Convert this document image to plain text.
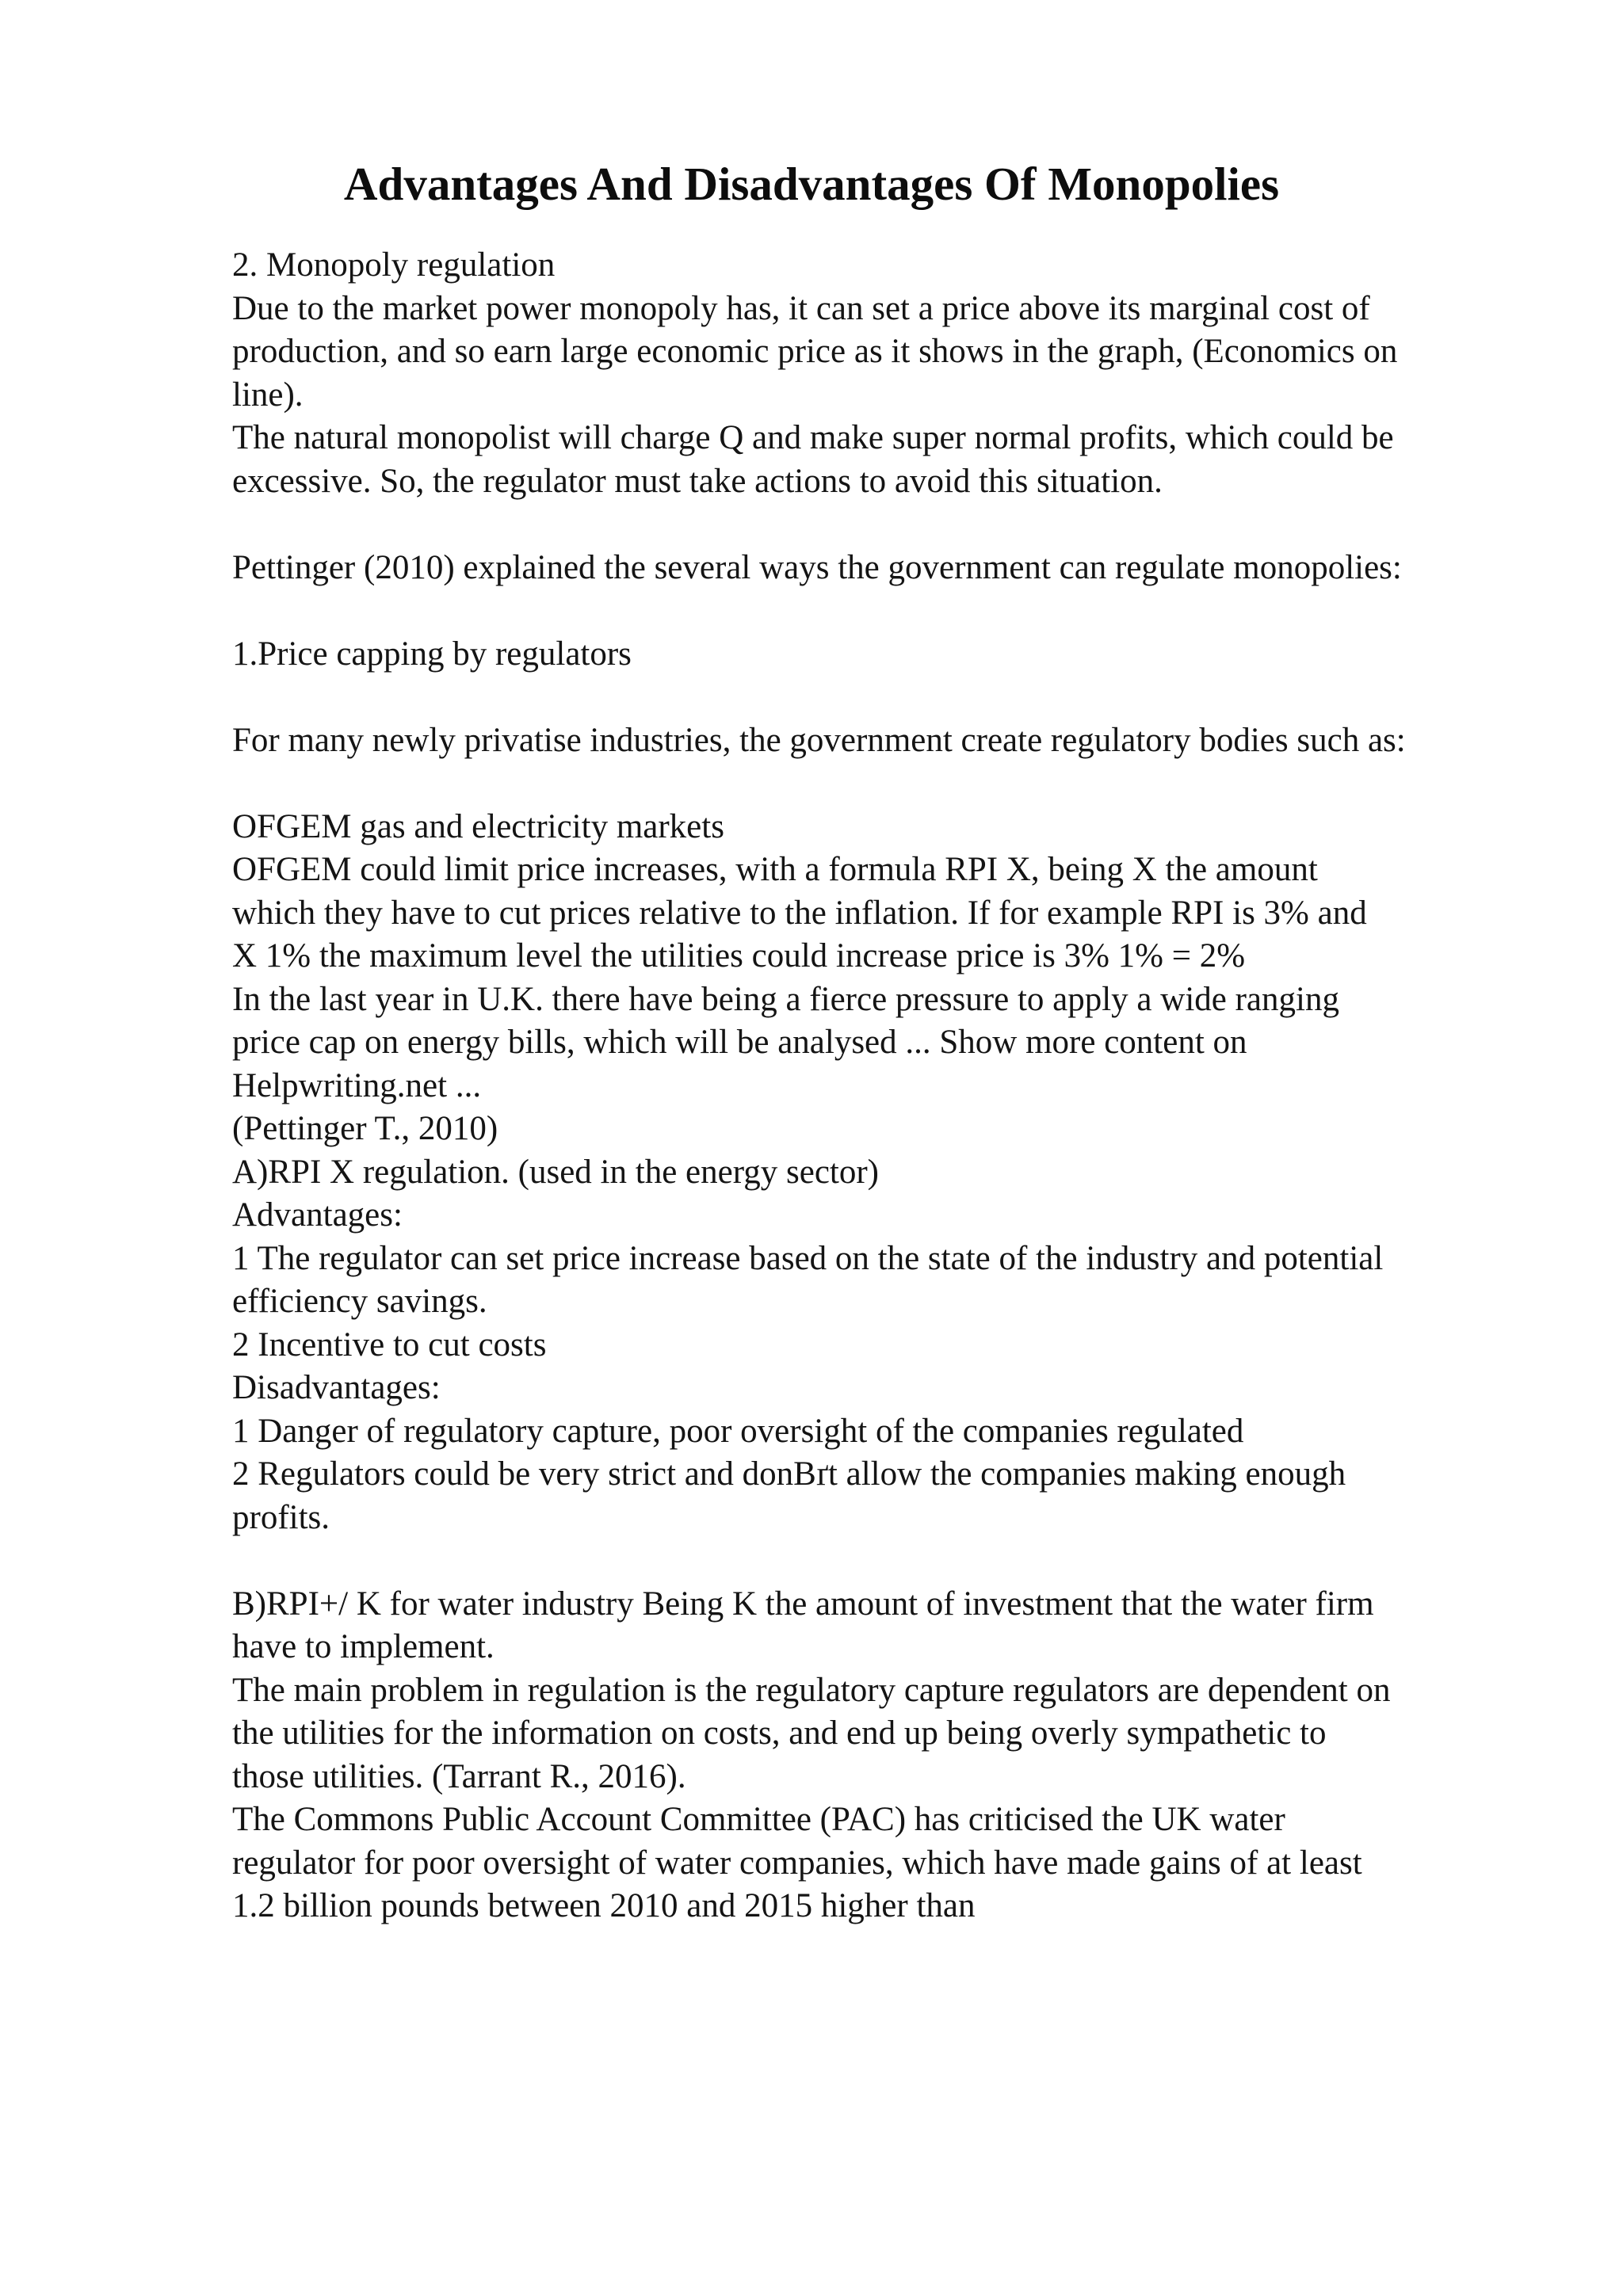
Advantages And Disadvantages Of Monopolies
2. Monopoly regulation
Due to the market power monopoly has, it can set a price above its marginal cost of
production, and so earn large economic price as it shows in the graph, (Economics on
line).
The natural monopolist will charge Q and make super normal profits, which could be
excessive. So, the regulator must take actions to avoid this situation.
Pettinger (2010) explained the several ways the government can regulate monopolies:
1.Price capping by regulators
For many newly privatise industries, the government create regulatory bodies such as:
OFGEM gas and electricity markets
OFGEM could limit price increases, with a formula RPI X, being X the amount
which they have to cut prices relative to the inflation. If for example RPI is 3% and
X 1% the maximum level the utilities could increase price is 3% 1% = 2%
In the last year in U.K. there have being a fierce pressure to apply a wide ranging
price cap on energy bills, which will be analysed ... Show more content on
Helpwriting.net ...
(Pettinger T., 2010)
A)RPI X regulation. (used in the energy sector)
Advantages:
1 The regulator can set price increase based on the state of the industry and potential
efficiency savings.
2 Incentive to cut costs
Disadvantages:
1 Danger of regulatory capture, poor oversight of the companies regulated
2 Regulators could be very strict and donВґt allow the companies making enough
profits.
B)RPI+/ K for water industry Being K the amount of investment that the water firm
have to implement.
The main problem in regulation is the regulatory capture regulators are dependent on
the utilities for the information on costs, and end up being overly sympathetic to
those utilities. (Tarrant R., 2016).
The Commons Public Account Committee (PAC) has criticised the UK water
regulator for poor oversight of water companies, which have made gains of at least
1.2 billion pounds between 2010 and 2015 higher than
